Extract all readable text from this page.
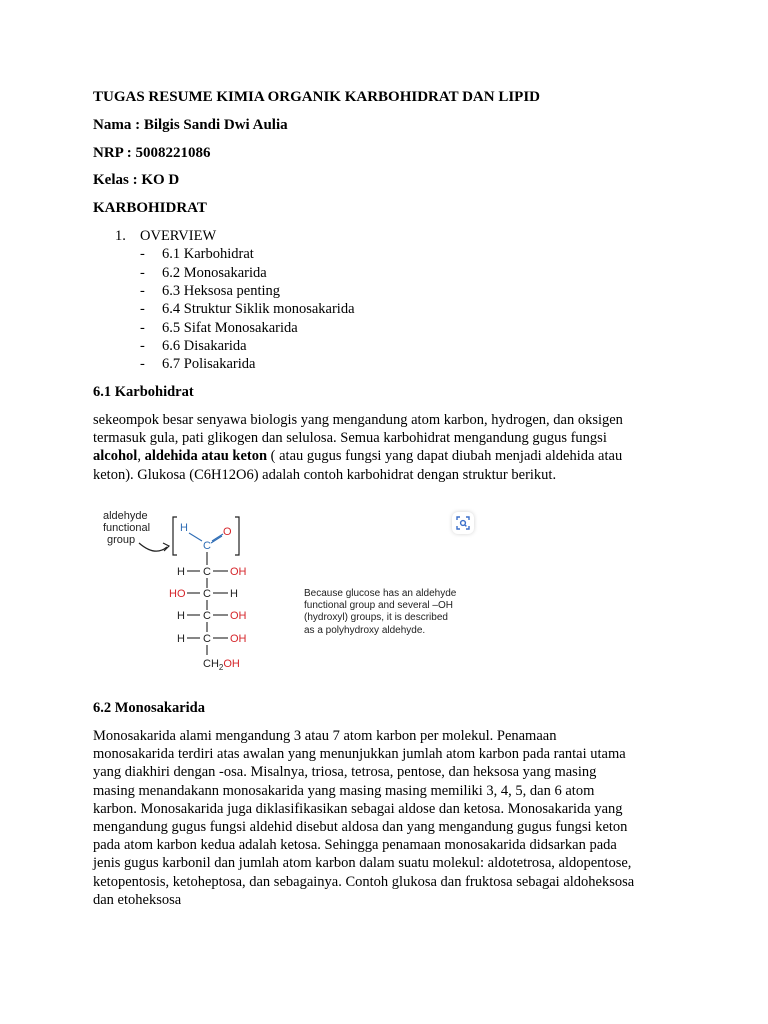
TUGAS RESUME KIMIA ORGANIK KARBOHIDRAT DAN LIPID
Nama : Bilgis Sandi Dwi Aulia
NRP : 5008221086
Kelas : KO D
KARBOHIDRAT
1. OVERVIEW
- 6.1 Karbohidrat
- 6.2 Monosakarida
- 6.3 Heksosa penting
- 6.4 Struktur Siklik monosakarida
- 6.5 Sifat Monosakarida
- 6.6 Disakarida
- 6.7 Polisakarida
6.1 Karbohidrat
sekeompok besar senyawa biologis yang mengandung atom karbon, hydrogen, dan oksigen
termasuk gula, pati glikogen dan selulosa. Semua karbohidrat mengandung gugus fungsi
alcohol, aldehida atau keton ( atau gugus fungsi yang dapat diubah menjadi aldehida atau
keton). Glukosa (C6H12O6) adalah contoh karbohidrat dengan struktur berikut.
aldehyde
functional
group
H
C
O
H C OH
HO C H
H C OH
H C OH
$CH_2OH$
Because glucose has an aldehyde
functional group and several –OH
(hydroxyl) groups, it is described
as a polyhydroxy aldehyde.
6.2 Monosakarida
Monosakarida alami mengandung 3 atau 7 atom karbon per molekul. Penamaan
monosakarida terdiri atas awalan yang menunjukkan jumlah atom karbon pada rantai utama
yang diakhiri dengan -osa. Misalnya, triosa, tetrosa, pentose, dan heksosa yang masing
masing menandakann monosakarida yang masing masing memiliki 3, 4, 5, dan 6 atom
karbon. Monosakarida juga diklasifikasikan sebagai aldose dan ketosa. Monosakarida yang
mengandung gugus fungsi aldehid disebut aldosa dan yang mengandung gugus fungsi keton
pada atom karbon kedua adalah ketosa. Sehingga penamaan monosakarida didsarkan pada
jenis gugus karbonil dan jumlah atom karbon dalam suatu molekul: aldotetrosa, aldopentose,
ketopentosis, ketoheptosa, dan sebagainya. Contoh glukosa dan fruktosa sebagai aldoheksosa
dan etoheksosa
